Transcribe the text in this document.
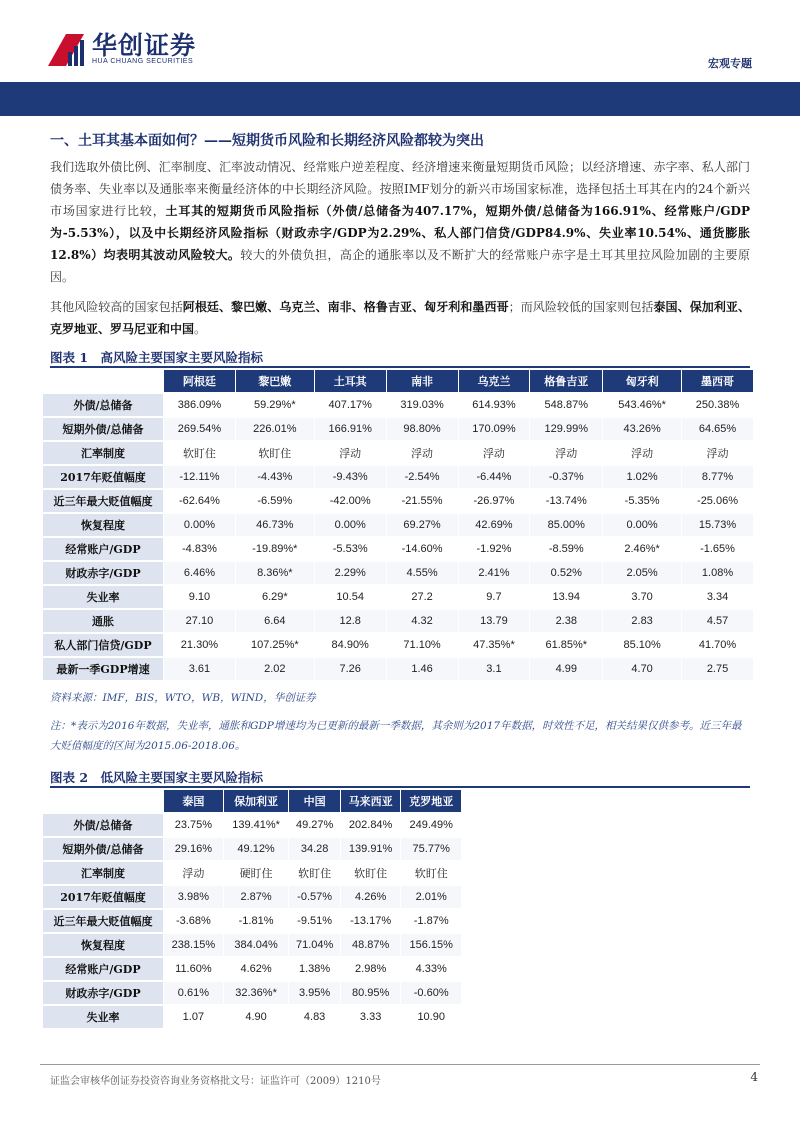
华创证券
HUA CHUANG SECURITIES	宏观专题
一、土耳其基本面如何？——短期货币风险和长期经济风险都较为突出
我们选取外债比例、汇率制度、汇率波动情况、经常账户逆差程度、经济增速来衡量短期货币风险；以经济增速、赤字率、私人部门债务率、失业率以及通胀率来衡量经济体的中长期经济风险。按照IMF划分的新兴市场国家标准，选择包括土耳其在内的24个新兴市场国家进行比较，土耳其的短期货币风险指标（外债/总储备为407.17%，短期外债/总储备为166.91%、经常账户/GDP为-5.53%），以及中长期经济风险指标（财政赤字/GDP为2.29%、私人部门信贷/GDP84.9%、失业率10.54%、通货膨胀12.8%）均表明其波动风险较大。较大的外债负担，高企的通胀率以及不断扩大的经常账户赤字是土耳其里拉风险加剧的主要原因。
其他风险较高的国家包括阿根廷、黎巴嫩、乌克兰、南非、格鲁吉亚、匈牙利和墨西哥；而风险较低的国家则包括泰国、保加利亚、克罗地亚、罗马尼亚和中国。
图表 1　高风险主要国家主要风险指标
	阿根廷	黎巴嫩	土耳其	南非	乌克兰	格鲁吉亚	匈牙利	墨西哥
外债/总储备	386.09%	59.29%*	407.17%	319.03%	614.93%	548.87%	543.46%*	250.38%
短期外债/总储备	269.54%	226.01%	166.91%	98.80%	170.09%	129.99%	43.26%	64.65%
汇率制度	软盯住	软盯住	浮动	浮动	浮动	浮动	浮动	浮动
2017年贬值幅度	-12.11%	-4.43%	-9.43%	-2.54%	-6.44%	-0.37%	1.02%	8.77%
近三年最大贬值幅度	-62.64%	-6.59%	-42.00%	-21.55%	-26.97%	-13.74%	-5.35%	-25.06%
恢复程度	0.00%	46.73%	0.00%	69.27%	42.69%	85.00%	0.00%	15.73%
经常账户/GDP	-4.83%	-19.89%*	-5.53%	-14.60%	-1.92%	-8.59%	2.46%*	-1.65%
财政赤字/GDP	6.46%	8.36%*	2.29%	4.55%	2.41%	0.52%	2.05%	1.08%
失业率	9.10	6.29*	10.54	27.2	9.7	13.94	3.70	3.34
通胀	27.10	6.64	12.8	4.32	13.79	2.38	2.83	4.57
私人部门信贷/GDP	21.30%	107.25%*	84.90%	71.10%	47.35%*	61.85%*	85.10%	41.70%
最新一季GDP增速	3.61	2.02	7.26	1.46	3.1	4.99	4.70	2.75
资料来源：IMF，BIS，WTO，WB，WIND，华创证券
注：*表示为2016年数据，失业率，通胀和GDP增速均为已更新的最新一季数据，其余则为2017年数据，时效性不足，相关结果仅供参考。近三年最大贬值幅度的区间为2015.06-2018.06。
图表 2　低风险主要国家主要风险指标
	泰国	保加利亚	中国	马来西亚	克罗地亚
外债/总储备	23.75%	139.41%*	49.27%	202.84%	249.49%
短期外债/总储备	29.16%	49.12%	34.28	139.91%	75.77%
汇率制度	浮动	硬盯住	软盯住	软盯住	软盯住
2017年贬值幅度	3.98%	2.87%	-0.57%	4.26%	2.01%
近三年最大贬值幅度	-3.68%	-1.81%	-9.51%	-13.17%	-1.87%
恢复程度	238.15%	384.04%	71.04%	48.87%	156.15%
经常账户/GDP	11.60%	4.62%	1.38%	2.98%	4.33%
财政赤字/GDP	0.61%	32.36%*	3.95%	80.95%	-0.60%
失业率	1.07	4.90	4.83	3.33	10.90
证监会审核华创证券投资咨询业务资格批文号：证监许可（2009）1210号	4
